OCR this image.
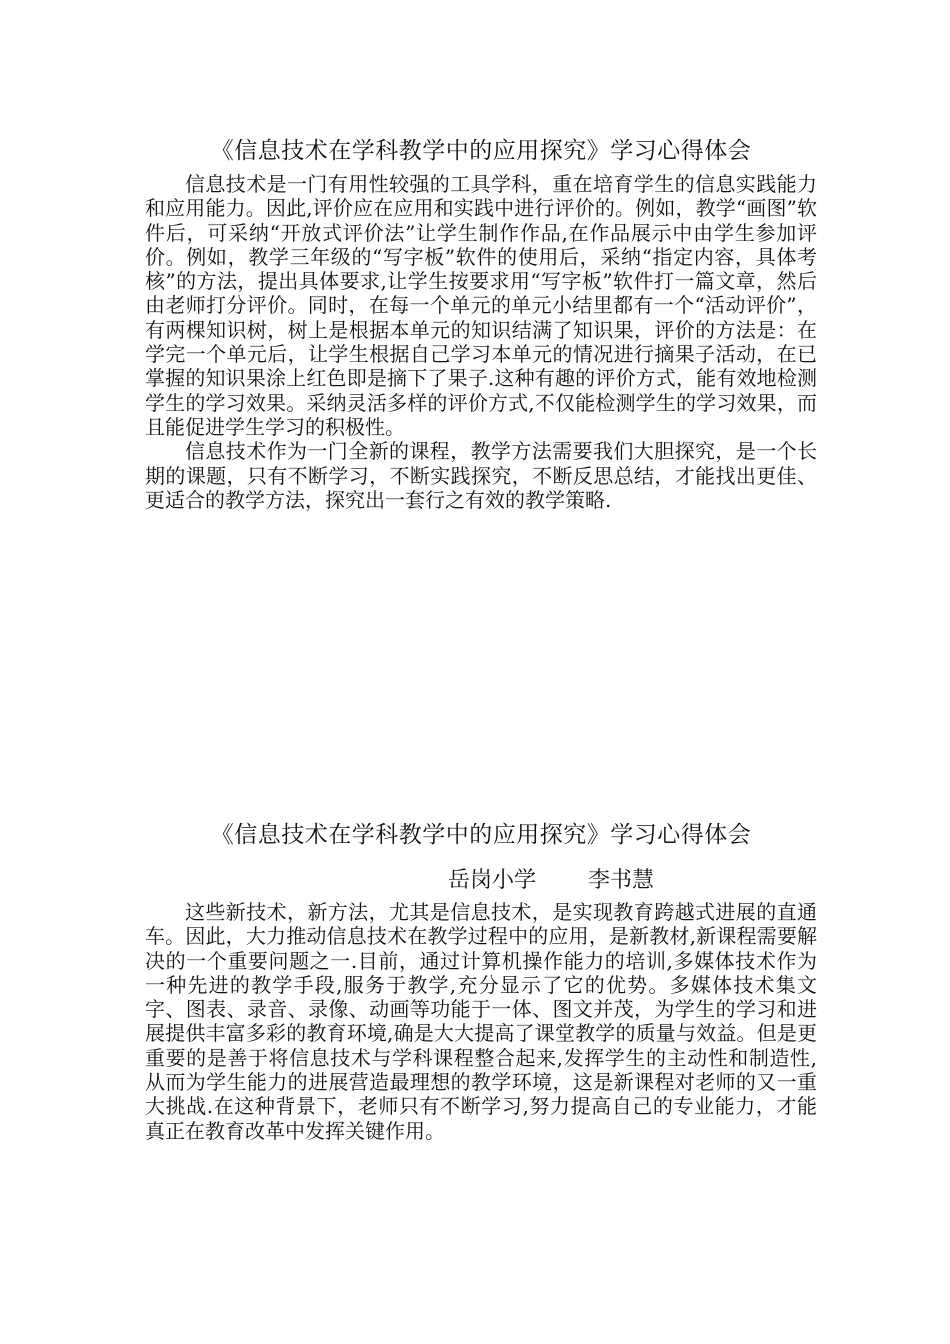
《信息技术在学科教学中的应用探究》学习心得体会

信息技术是一门有用性较强的工具学科，重在培育学生的信息实践能力和应用能力。因此,评价应在应用和实践中进行评价的。例如，教学“画图”软件后，可采纳“开放式评价法”让学生制作作品,在作品展示中由学生参加评价。例如，教学三年级的“写字板”软件的使用后，采纳“指定内容，具体考核”的方法，提出具体要求,让学生按要求用“写字板”软件打一篇文章，然后由老师打分评价。同时，在每一个单元的单元小结里都有一个“活动评价”，有两棵知识树，树上是根据本单元的知识结满了知识果，评价的方法是：在学完一个单元后，让学生根据自己学习本单元的情况进行摘果子活动，在已掌握的知识果涂上红色即是摘下了果子.这种有趣的评价方式，能有效地检测学生的学习效果。采纳灵活多样的评价方式,不仅能检测学生的学习效果，而且能促进学生学习的积极性。

信息技术作为一门全新的课程，教学方法需要我们大胆探究，是一个长期的课题，只有不断学习，不断实践探究，不断反思总结，才能找出更佳、更适合的教学方法，探究出一套行之有效的教学策略.

《信息技术在学科教学中的应用探究》学习心得体会
岳岗小学 李书慧

这些新技术，新方法，尤其是信息技术，是实现教育跨越式进展的直通车。因此，大力推动信息技术在教学过程中的应用，是新教材,新课程需要解决的一个重要问题之一.目前，通过计算机操作能力的培训,多媒体技术作为一种先进的教学手段,服务于教学,充分显示了它的优势。多媒体技术集文字、图表、录音、录像、动画等功能于一体、图文并茂，为学生的学习和进展提供丰富多彩的教育环境,确是大大提高了课堂教学的质量与效益。但是更重要的是善于将信息技术与学科课程整合起来,发挥学生的主动性和制造性,从而为学生能力的进展营造最理想的教学环境，这是新课程对老师的又一重大挑战.在这种背景下，老师只有不断学习,努力提高自己的专业能力，才能真正在教育改革中发挥关键作用。
